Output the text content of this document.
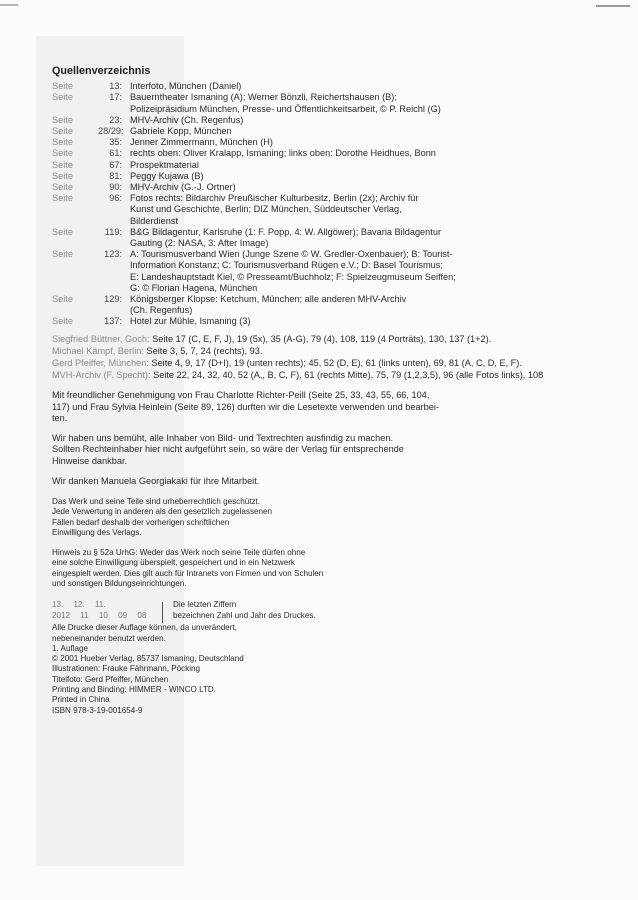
Quellenverzeichnis
Seite	13: Interfoto, München (Daniel)
Seite	17: Bauerntheater Ismaning (A); Werner Bönzli, Reichertshausen (B);
Polizeipräsidium München, Presse- und Öffentlichkeitsarbeit, © P. Reichl (G)
Seite	23: MHV-Archiv (Ch. Regenfus)
Seite	28/29: Gabriele Kopp, München
Seite	35: Jenner Zimmermann, München (H)
Seite	61: rechts oben: Oliver Kralapp, Ismaning; links oben: Dorothe Heidhues, Bonn
Seite	67: Prospektmaterial
Seite	81: Peggy Kujawa (B)
Seite	90: MHV-Archiv (G.-J. Ortner)
Seite	96: Fotos rechts: Bildarchiv Preußischer Kulturbesitz, Berlin (2x); Archiv für
Kunst und Geschichte, Berlin; DIZ München, Süddeutscher Verlag,
Bilderdienst
Seite	119: B&G Bildagentur, Karlsruhe (1: F. Popp, 4: W. Allgöwer); Bavaria Bildagentur
Gauting (2: NASA, 3: After Image)
Seite	123: A: Tourismusverband Wien (Junge Szene © W. Gredler-Oxenbauer); B: Tourist-
Information Konstanz; C: Tourismusverband Rügen e.V.; D: Basel Tourismus;
E: Landeshauptstadt Kiel, © Presseamt/Buchholz; F: Spielzeugmuseum Seiffen;
G: © Florian Hagena, München
Seite	129: Königsberger Klopse: Ketchum, München; alle anderen MHV-Archiv
(Ch. Regenfus)
Seite	137: Hotel zur Mühle, Ismaning (3)
Siegfried Büttner, Goch: Seite 17 (C, E, F, J), 19 (5x), 35 (A-G), 79 (4), 108, 119 (4 Porträts), 130, 137 (1+2).
Michael Kämpf, Berlin: Seite 3, 5, 7, 24 (rechts), 93.
Gerd Pfeiffer, München: Seite 4, 9, 17 (D+I), 19 (unten rechts); 45, 52 (D, E), 61 (links unten), 69, 81 (A, C, D, E, F).
MVH-Archiv (F. Specht): Seite 22, 24, 32, 40, 52 (A,, B, C, F), 61 (rechts Mitte), 75, 79 (1,2,3,5), 96 (alle Fotos links), 108
Mit freundlicher Genehmigung von Frau Charlotte Richter-Peill (Seite 25, 33, 43, 55, 66, 104,
117) und Frau Sylvia Heinlein (Seite 89, 126) durften wir die Lesetexte verwenden und bearbei-
ten.
Wir haben uns bemüht, alle Inhaber von Bild- und Textrechten ausfindig zu machen.
Sollten Rechteinhaber hier nicht aufgeführt sein, so wäre der Verlag für entsprechende
Hinweise dankbar.
Wir danken Manuela Georgiakaki für ihre Mitarbeit.
Das Werk und seine Teile sind urheberrechtlich geschützt.
Jede Verwertung in anderen als den gesetzlich zugelassenen
Fällen bedarf deshalb der vorherigen schriftlichen
Einwilligung des Verlags.
Hinweis zu § 52a UrhG: Weder das Werk noch seine Teile dürfen ohne
eine solche Einwilligung überspielt, gespeichert und in ein Netzwerk
eingespielt werden. Dies gilt auch für Intranets von Firmen und von Schulen
und sonstigen Bildungseinrichtungen.
13. 12. 11.
2012 11 10 09 08
Die letzten Ziffern
bezeichnen Zahl und Jahr des Druckes.
Alle Drucke dieser Auflage können, da unverändert,
nebeneinander benutzt werden.
1. Auflage
© 2001 Hueber Verlag, 85737 Ismaning, Deutschland
Illustrationen: Frauke Fährmann, Pöcking
Titelfoto: Gerd Pfeiffer, München
Printing and Binding: HIMMER - WINCO LTD.
Printed in China
ISBN 978-3-19-001654-9
